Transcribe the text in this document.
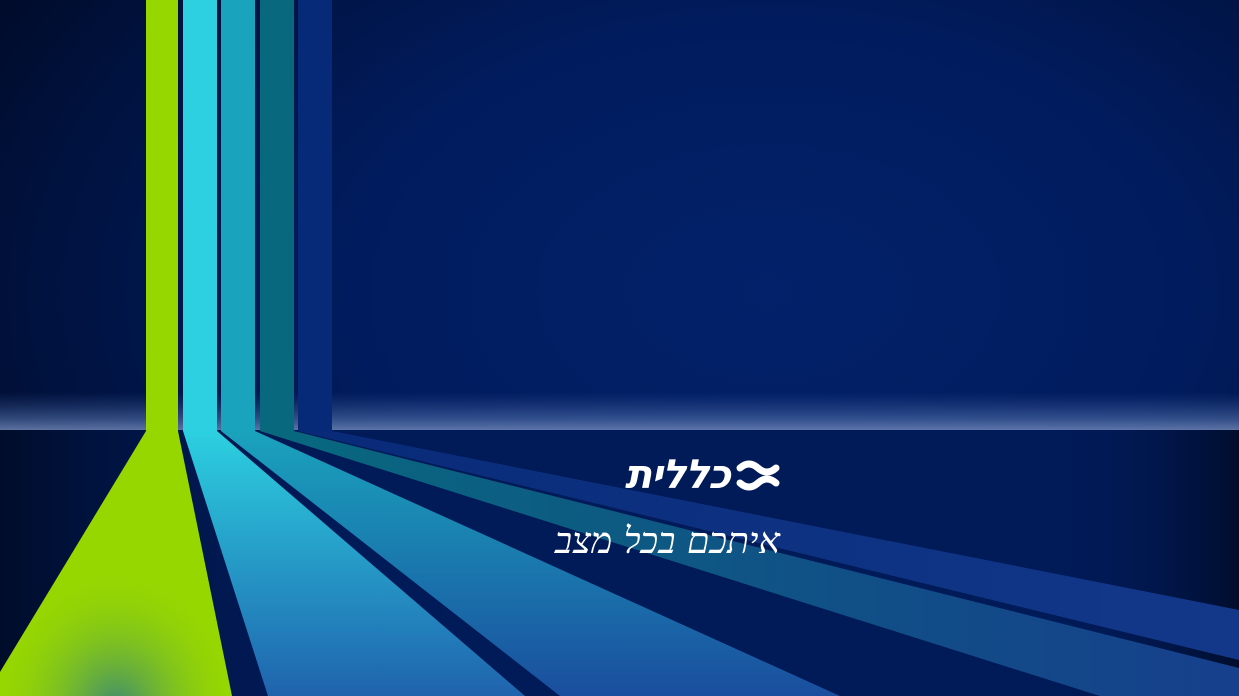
כללית
איתכם בכל מצב
